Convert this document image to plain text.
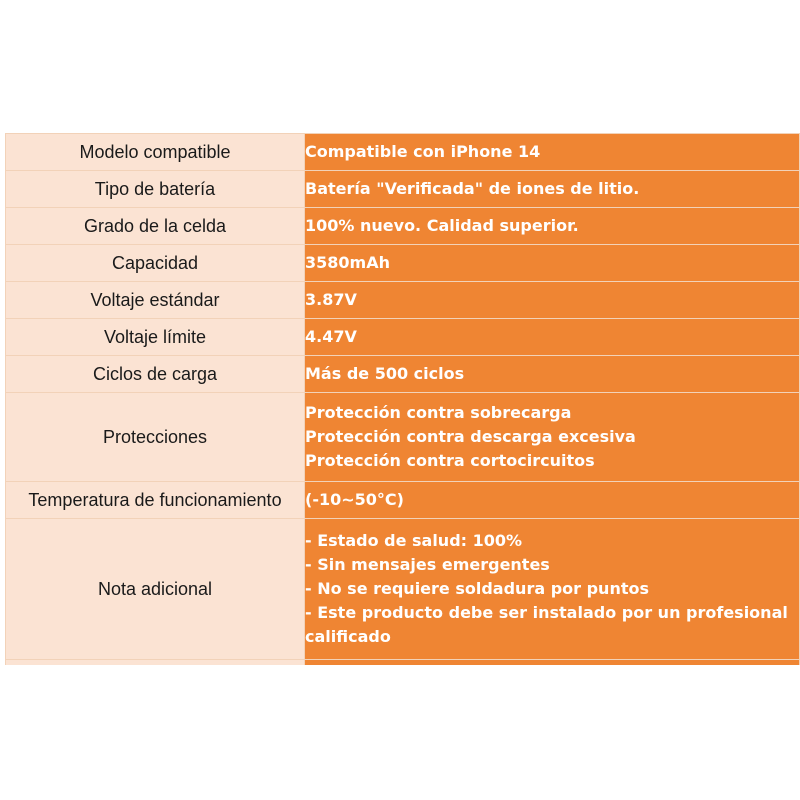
Modelo compatible	Compatible con iPhone 14

Tipo de batería	Batería "Verificada" de iones de litio.

Grado de la celda	100% nuevo. Calidad superior.

Capacidad	3580mAh

Voltaje estándar	3.87V

Voltaje límite	4.47V

Ciclos de carga	Más de 500 ciclos

Protecciones	Protección contra sobrecarga
Protección contra descarga excesiva
Protección contra cortocircuitos

Temperatura de funcionamiento	(-10~50°C)

Nota adicional	- Estado de salud: 100%
- Sin mensajes emergentes
- No se requiere soldadura por puntos
- Este producto debe ser instalado por un profesional calificado
